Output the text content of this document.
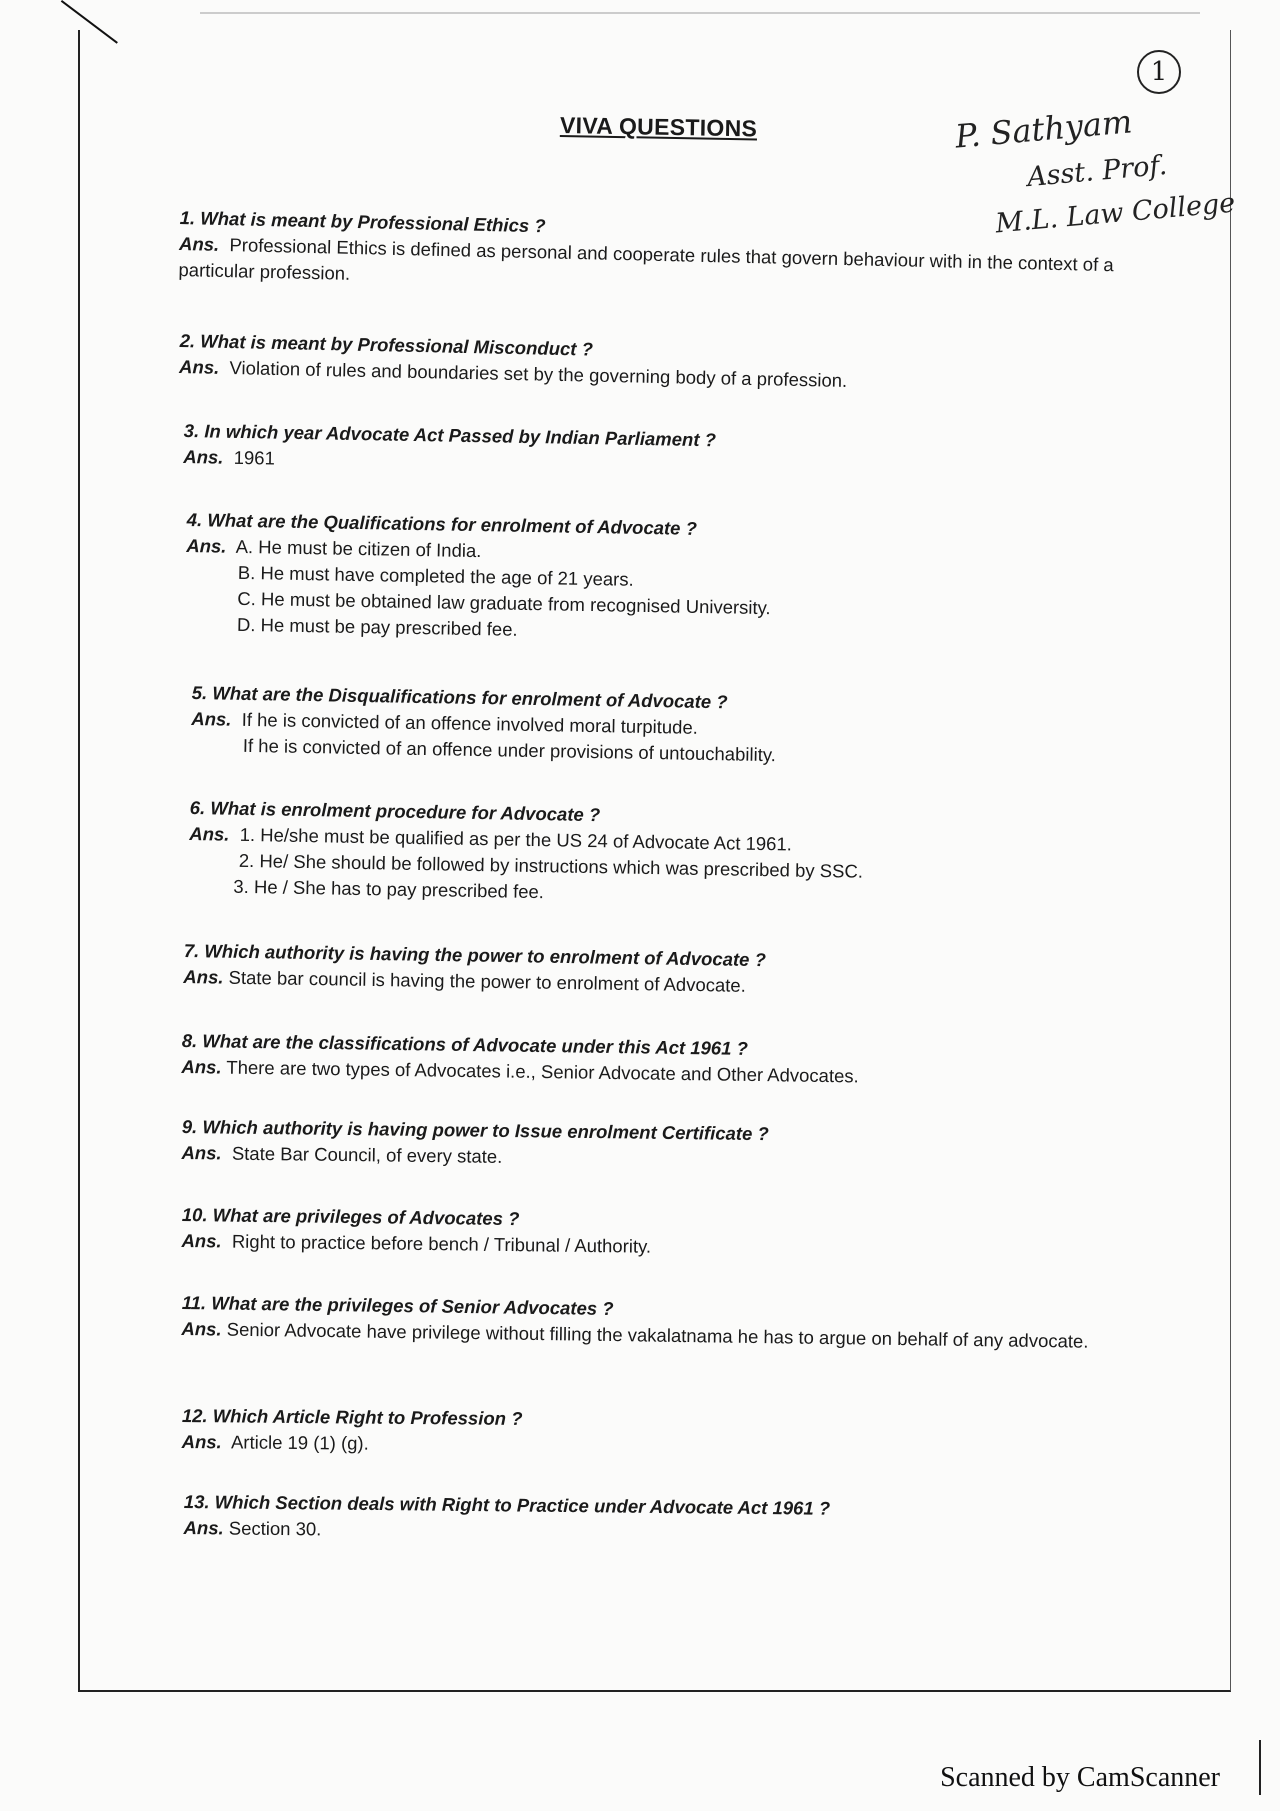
1
VIVA QUESTIONS	P. Sathyam
Asst. Prof.
M.L. Law College
1. What is meant by Professional Ethics ?
Ans. Professional Ethics is defined as personal and cooperate rules that govern behaviour with in the context of a particular profession.
2. What is meant by Professional Misconduct ?
Ans. Violation of rules and boundaries set by the governing body of a profession.
3. In which year Advocate Act Passed by Indian Parliament ?
Ans. 1961
4. What are the Qualifications for enrolment of Advocate ?
Ans. A. He must be citizen of India.
B. He must have completed the age of 21 years.
C. He must be obtained law graduate from recognised University.
D. He must be pay prescribed fee.
5. What are the Disqualifications for enrolment of Advocate ?
Ans. If he is convicted of an offence involved moral turpitude.
If he is convicted of an offence under provisions of untouchability.
6. What is enrolment procedure for Advocate ?
Ans. 1. He/she must be qualified as per the US 24 of Advocate Act 1961.
2. He/ She should be followed by instructions which was prescribed by SSC.
3. He / She has to pay prescribed fee.
7. Which authority is having the power to enrolment of Advocate ?
Ans. State bar council is having the power to enrolment of Advocate.
8. What are the classifications of Advocate under this Act 1961 ?
Ans. There are two types of Advocates i.e., Senior Advocate and Other Advocates.
9. Which authority is having power to Issue enrolment Certificate ?
Ans. State Bar Council, of every state.
10. What are privileges of Advocates ?
Ans. Right to practice before bench / Tribunal / Authority.
11. What are the privileges of Senior Advocates ?
Ans. Senior Advocate have privilege without filling the vakalatnama he has to argue on behalf of any advocate.
12. Which Article Right to Profession ?
Ans. Article 19 (1) (g).
13. Which Section deals with Right to Practice under Advocate Act 1961 ?
Ans. Section 30.
Scanned by CamScanner
